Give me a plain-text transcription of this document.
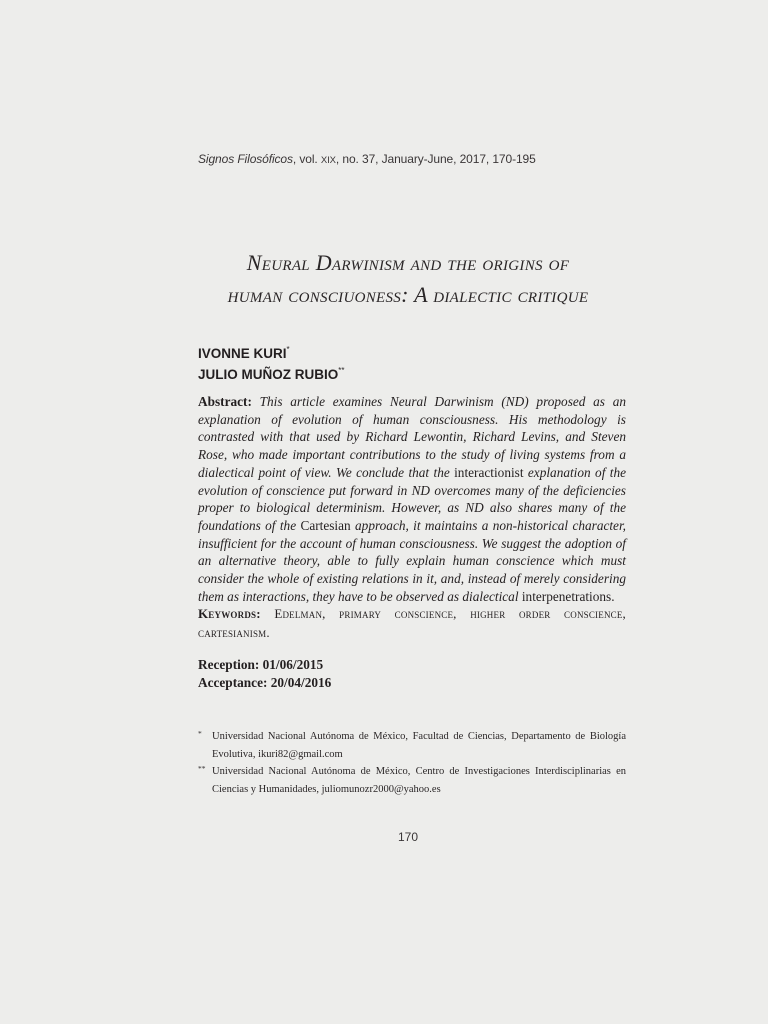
Signos Filosóficos, vol. XIX, no. 37, January-June, 2017, 170-195
Neural Darwinism and the origins of
human consciuoness: A dialectic critique
IVONNE KURI*
JULIO MUÑOZ RUBIO**
Abstract: This article examines Neural Darwinism (ND) proposed as an explanation of evolution of human consciousness. His methodology is contrasted with that used by Richard Lewontin, Richard Levins, and Steven Rose, who made important contributions to the study of living systems from a dialectical point of view. We conclude that the interactionist explanation of the evolution of conscience put forward in ND overcomes many of the deficiencies proper to biological determinism. However, as ND also shares many of the foundations of the Cartesian approach, it maintains a non-historical character, insufficient for the account of human consciousness. We suggest the adoption of an alternative theory, able to fully explain human conscience which must consider the whole of existing relations in it, and, instead of merely considering them as interactions, they have to be observed as dialectical interpenetrations.
Keywords: Edelman, primary conscience, higher order conscience, cartesianism.
Reception: 01/06/2015
Acceptance: 20/04/2016
* Universidad Nacional Autónoma de México, Facultad de Ciencias, Departamento de Biología Evolutiva, ikuri82@gmail.com
** Universidad Nacional Autónoma de México, Centro de Investigaciones Interdisciplinarias en Ciencias y Humanidades, juliomunozr2000@yahoo.es
170
